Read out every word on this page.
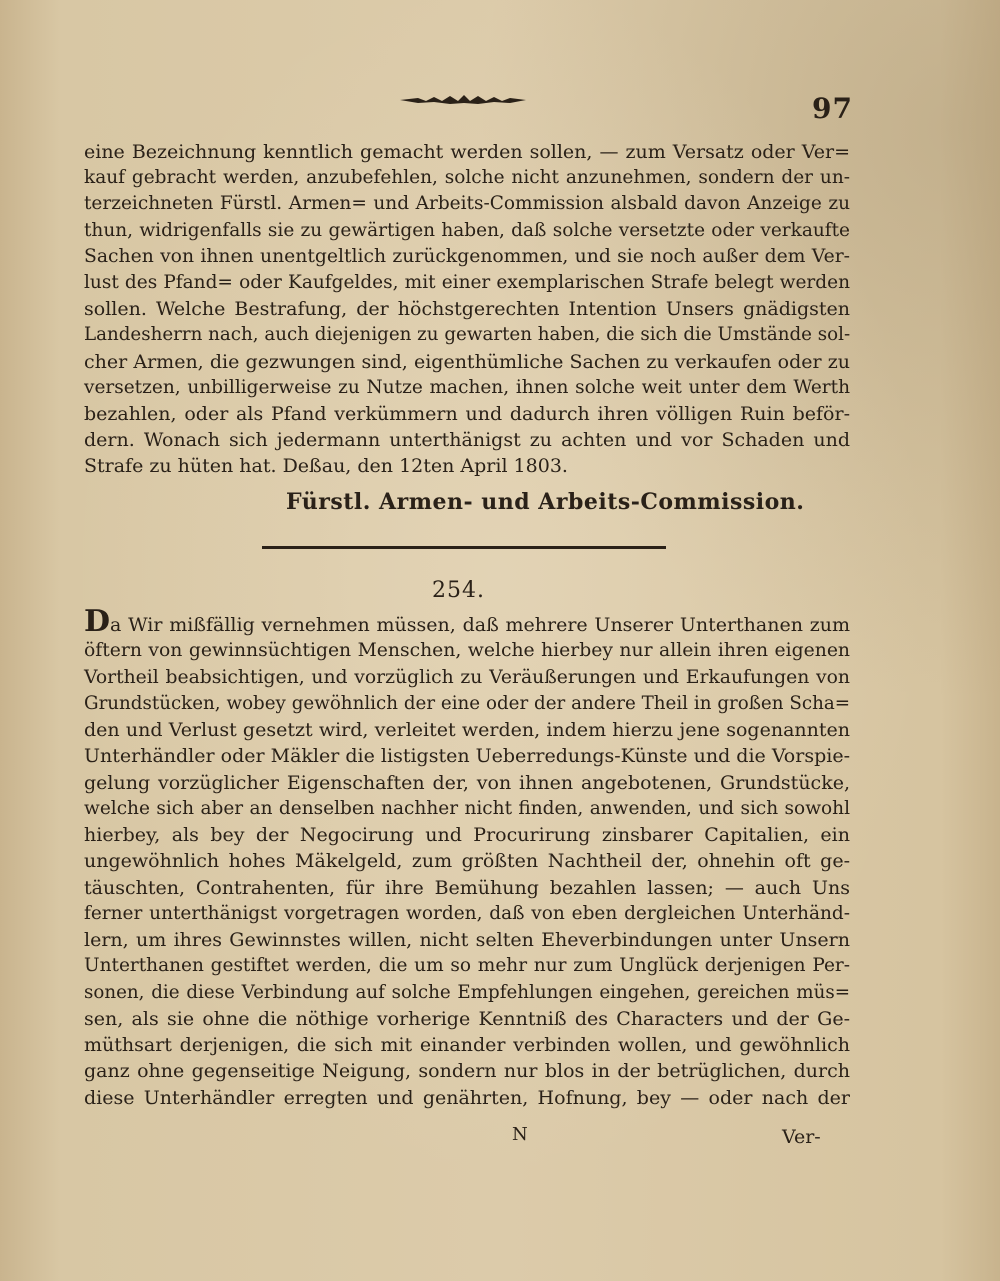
97
eine Bezeichnung kenntlich gemacht werden sollen, — zum Versatz oder Ver=
kauf gebracht werden, anzubefehlen, solche nicht anzunehmen, sondern der un-
terzeichneten Fürstl. Armen= und Arbeits-Commission alsbald davon Anzeige zu
thun, widrigenfalls sie zu gewärtigen haben, daß solche versetzte oder verkaufte
Sachen von ihnen unentgeltlich zurückgenommen, und sie noch außer dem Ver-
lust des Pfand= oder Kaufgeldes, mit einer exemplarischen Strafe belegt werden
sollen. Welche Bestrafung, der höchstgerechten Intention Unsers gnädigsten
Landesherrn nach, auch diejenigen zu gewarten haben, die sich die Umstände sol-
cher Armen, die gezwungen sind, eigenthümliche Sachen zu verkaufen oder zu
versetzen, unbilligerweise zu Nutze machen, ihnen solche weit unter dem Werth
bezahlen, oder als Pfand verkümmern und dadurch ihren völligen Ruin beför-
dern. Wonach sich jedermann unterthänigst zu achten und vor Schaden und
Strafe zu hüten hat. Deßau, den 12ten April 1803.
Fürstl. Armen- und Arbeits-Commission.
254.
Da Wir mißfällig vernehmen müssen, daß mehrere Unserer Unterthanen zum
öftern von gewinnsüchtigen Menschen, welche hierbey nur allein ihren eigenen
Vortheil beabsichtigen, und vorzüglich zu Veräußerungen und Erkaufungen von
Grundstücken, wobey gewöhnlich der eine oder der andere Theil in großen Scha=
den und Verlust gesetzt wird, verleitet werden, indem hierzu jene sogenannten
Unterhändler oder Mäkler die listigsten Ueberredungs-Künste und die Vorspie-
gelung vorzüglicher Eigenschaften der, von ihnen angebotenen, Grundstücke,
welche sich aber an denselben nachher nicht finden, anwenden, und sich sowohl
hierbey, als bey der Negocirung und Procurirung zinsbarer Capitalien, ein
ungewöhnlich hohes Mäkelgeld, zum größten Nachtheil der, ohnehin oft ge-
täuschten, Contrahenten, für ihre Bemühung bezahlen lassen; — auch Uns
ferner unterthänigst vorgetragen worden, daß von eben dergleichen Unterhänd-
lern, um ihres Gewinnstes willen, nicht selten Eheverbindungen unter Unsern
Unterthanen gestiftet werden, die um so mehr nur zum Unglück derjenigen Per-
sonen, die diese Verbindung auf solche Empfehlungen eingehen, gereichen müs=
sen, als sie ohne die nöthige vorherige Kenntniß des Characters und der Ge-
müthsart derjenigen, die sich mit einander verbinden wollen, und gewöhnlich
ganz ohne gegenseitige Neigung, sondern nur blos in der betrüglichen, durch
diese Unterhändler erregten und genährten, Hofnung, bey — oder nach der
N	Ver-
